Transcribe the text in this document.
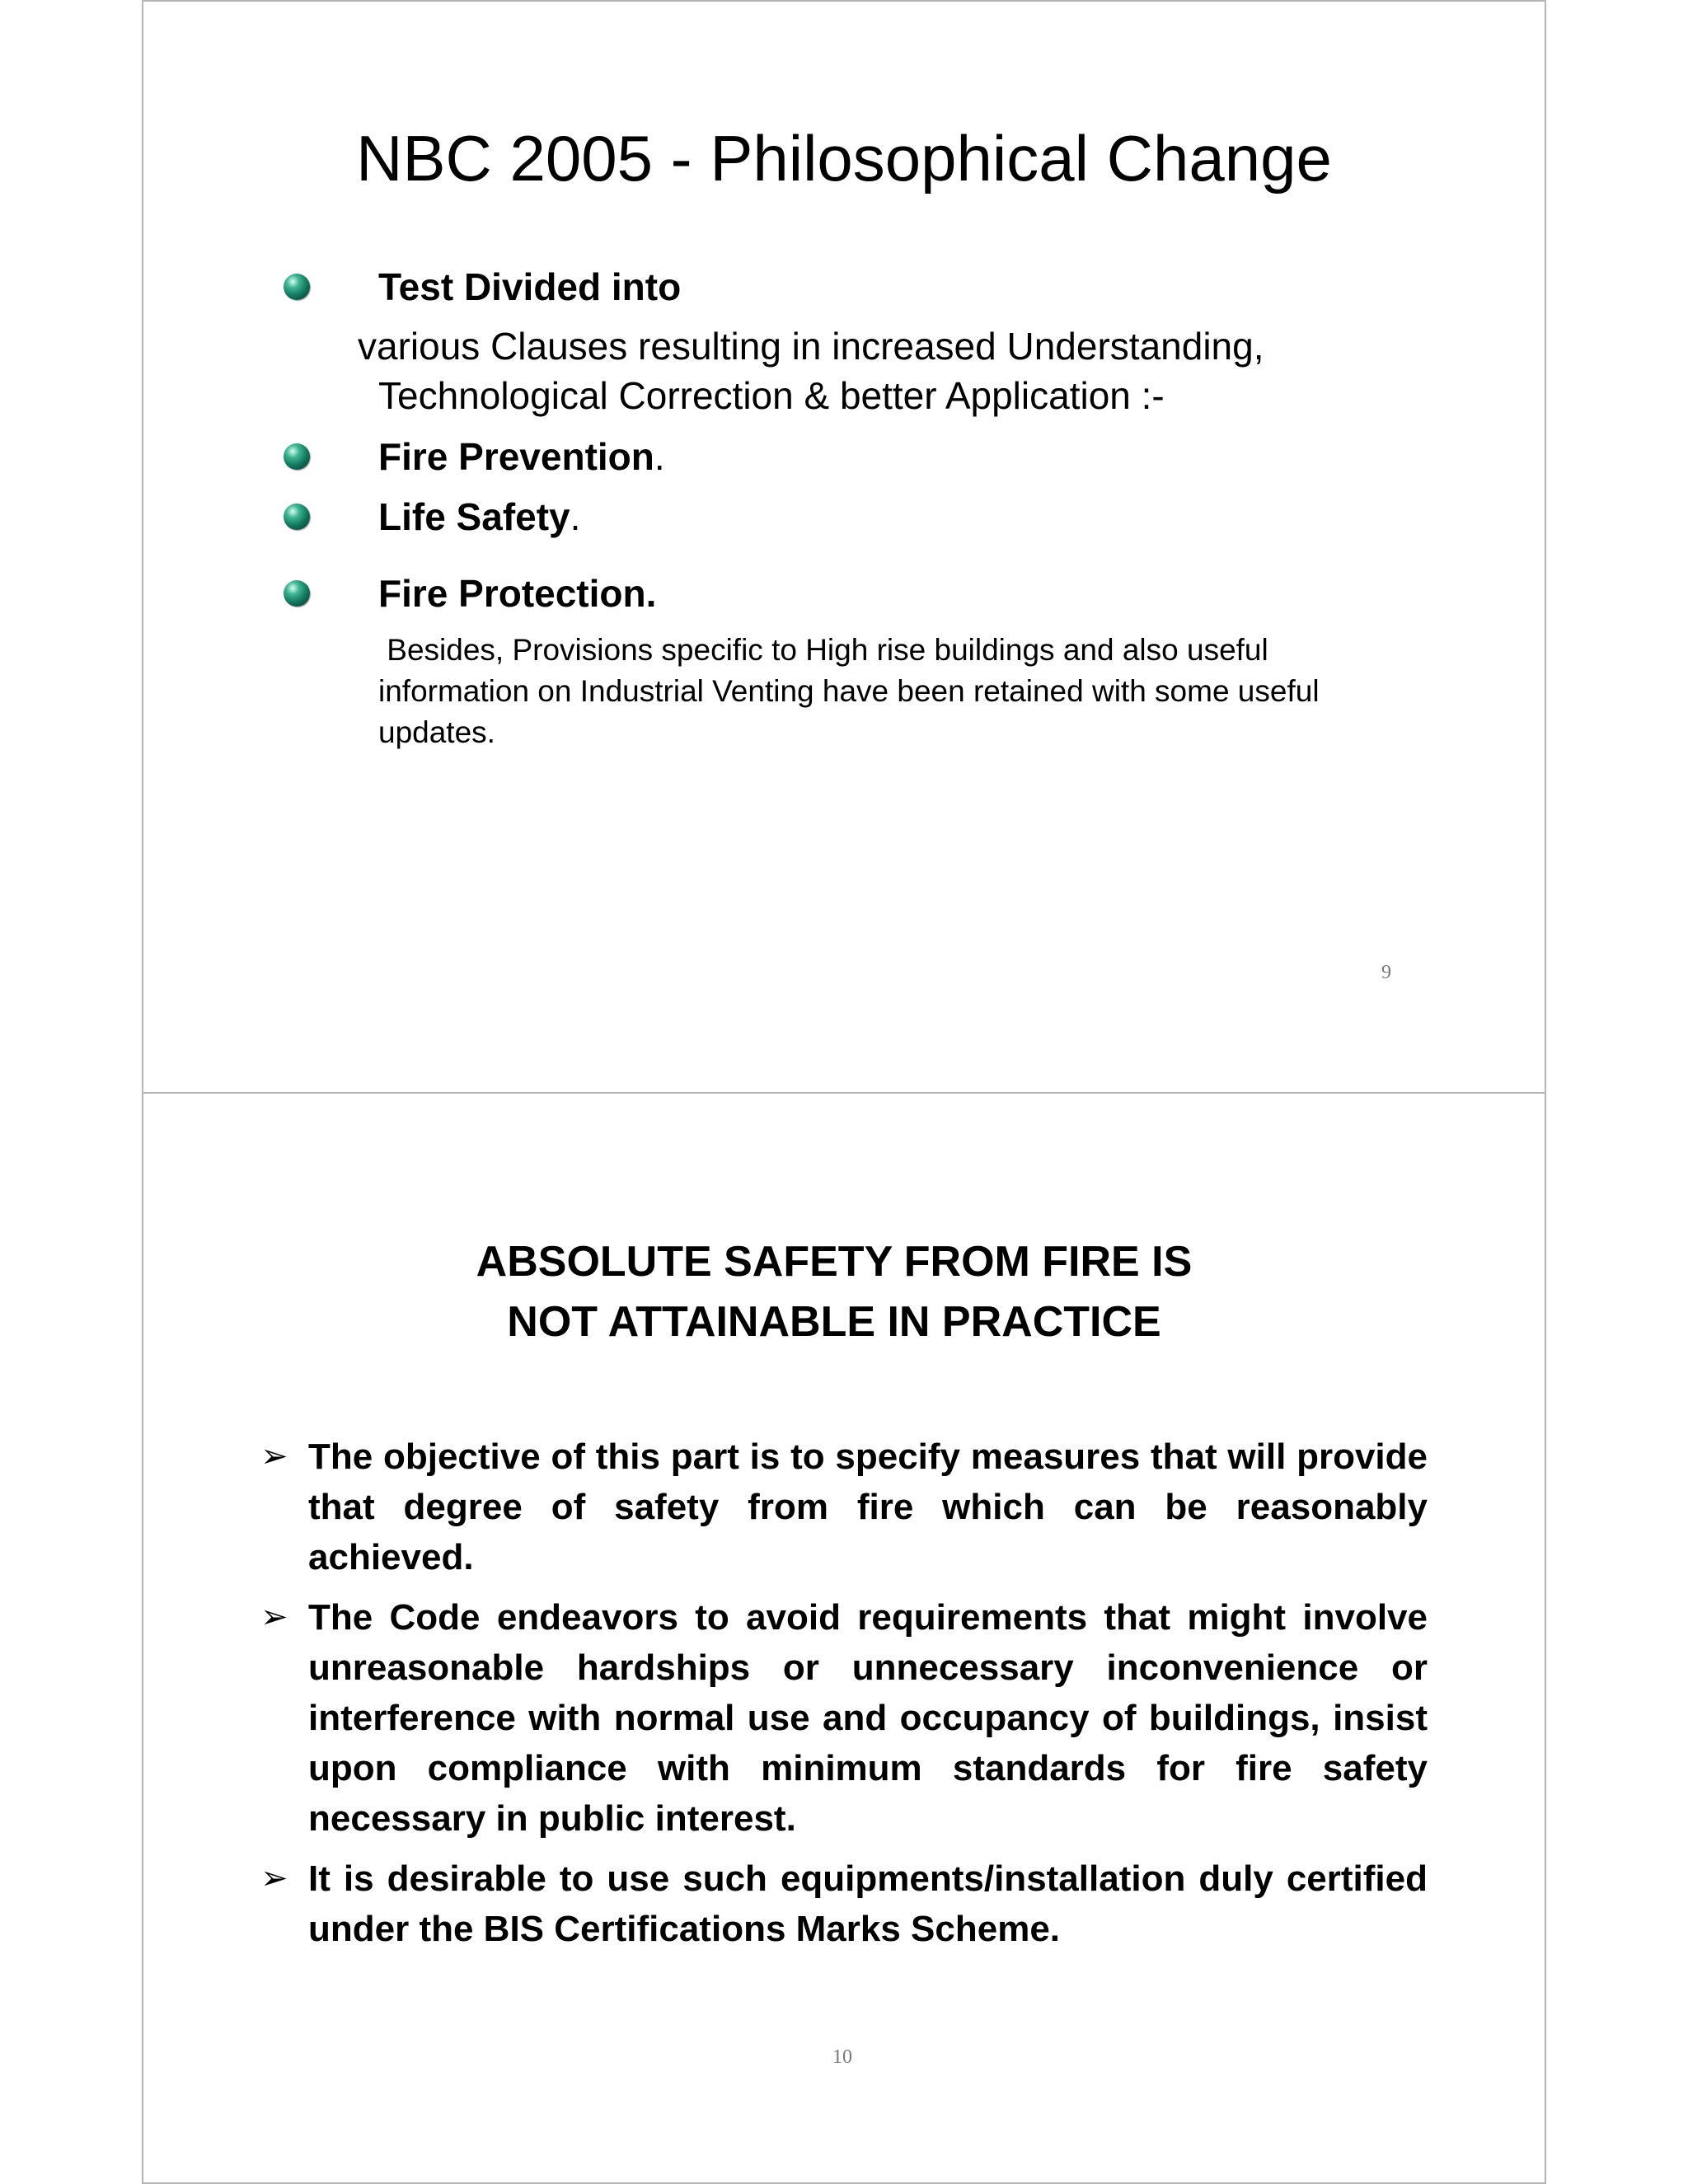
NBC 2005 - Philosophical Change
Test Divided into
various Clauses resulting in increased Understanding,
Technological Correction & better Application :-
Fire Prevention.
Life Safety.
Fire Protection.
Besides, Provisions specific to High rise buildings and also useful
information on Industrial Venting have been retained with some useful
updates.
9
ABSOLUTE SAFETY FROM FIRE IS
NOT ATTAINABLE IN PRACTICE
➢ The objective of this part is to specify measures that will provide that degree of safety from fire which can be reasonably achieved.
➢ The Code endeavors to avoid requirements that might involve unreasonable hardships or unnecessary inconvenience or interference with normal use and occupancy of buildings, insist upon compliance with minimum standards for fire safety necessary in public interest.
➢ It is desirable to use such equipments/installation duly certified under the BIS Certifications Marks Scheme.
10
